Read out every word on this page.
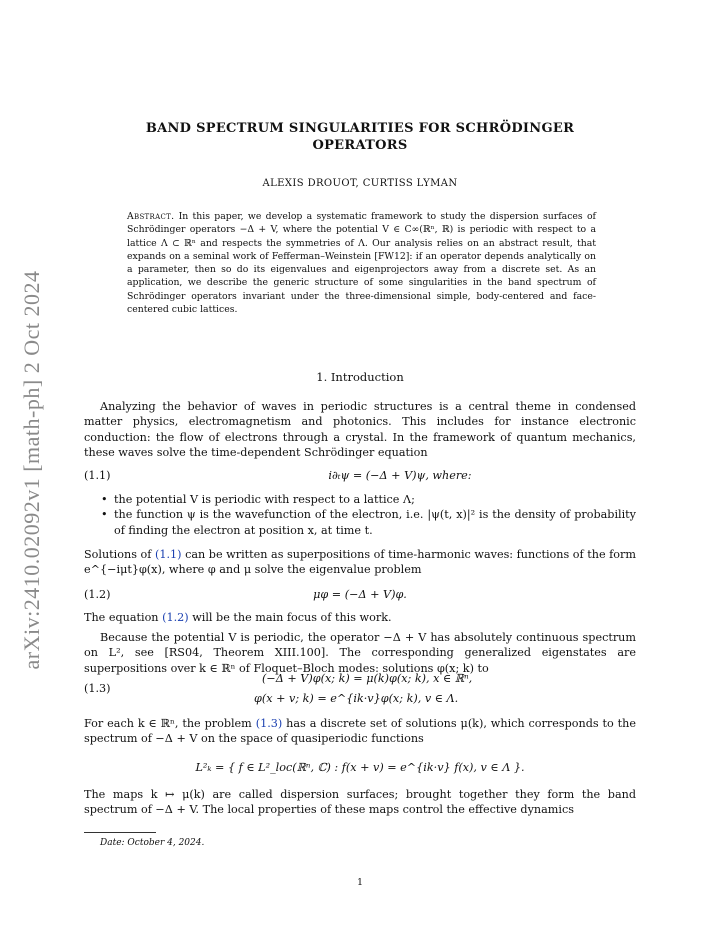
arXiv:2410.02092v1 [math-ph] 2 Oct 2024
BAND SPECTRUM SINGULARITIES FOR SCHRÖDINGER
OPERATORS
ALEXIS DROUOT, CURTISS LYMAN
Abstract. In this paper, we develop a systematic framework to study the dispersion surfaces of Schrödinger operators −Δ + V, where the potential V ∈ C∞(ℝⁿ, ℝ) is periodic with respect to a lattice Λ ⊂ ℝⁿ and respects the symmetries of Λ. Our analysis relies on an abstract result, that expands on a seminal work of Fefferman–Weinstein [FW12]: if an operator depends analytically on a parameter, then so do its eigenvalues and eigenprojectors away from a discrete set. As an application, we describe the generic structure of some singularities in the band spectrum of Schrödinger operators invariant under the three-dimensional simple, body-centered and face-centered cubic lattices.
1. Introduction
Analyzing the behavior of waves in periodic structures is a central theme in condensed matter physics, electromagnetism and photonics. This includes for instance electronic conduction: the flow of electrons through a crystal. In the framework of quantum mechanics, these waves solve the time-dependent Schrödinger equation
(1.1)	i∂ₜψ = (−Δ + V)ψ, where:
• the potential V is periodic with respect to a lattice Λ;
• the function ψ is the wavefunction of the electron, i.e. |ψ(t, x)|² is the density of probability of finding the electron at position x, at time t.
Solutions of (1.1) can be written as superpositions of time-harmonic waves: functions of the form e^{−iμt}φ(x), where φ and μ solve the eigenvalue problem
(1.2)	μφ = (−Δ + V)φ.
The equation (1.2) will be the main focus of this work.
Because the potential V is periodic, the operator −Δ + V has absolutely continuous spectrum on L², see [RS04, Theorem XIII.100]. The corresponding generalized eigenstates are superpositions over k ∈ ℝⁿ of Floquet–Bloch modes: solutions φ(x; k) to
(1.3)
(−Δ + V)φ(x; k) = μ(k)φ(x; k), x ∈ ℝⁿ,
φ(x + v; k) = e^{ik·v}φ(x; k), v ∈ Λ.
For each k ∈ ℝⁿ, the problem (1.3) has a discrete set of solutions μ(k), which corresponds to the spectrum of −Δ + V on the space of quasiperiodic functions
L²ₖ = { f ∈ L²_loc(ℝⁿ, ℂ) : f(x + v) = e^{ik·v} f(x), v ∈ Λ }.
The maps k ↦ μ(k) are called dispersion surfaces; brought together they form the band spectrum of −Δ + V. The local properties of these maps control the effective dynamics
Date: October 4, 2024.
1
